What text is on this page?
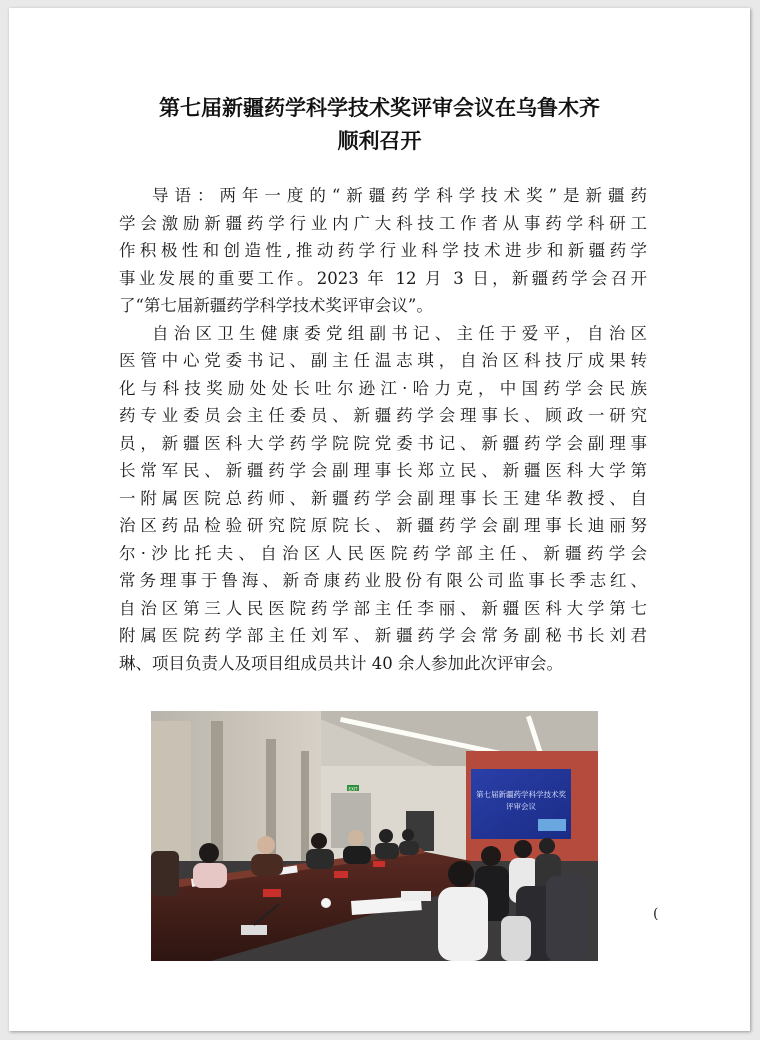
第七届新疆药学科学技术奖评审会议在乌鲁木齐
顺利召开
导语：两年一度的“新疆药学科学技术奖”是新疆药
学会激励新疆药学行业内广大科技工作者从事药学科研工
作积极性和创造性,推动药学行业科学技术进步和新疆药学
事业发展的重要工作。2023 年 12 月 3 日，新疆药学会召开
了“第七届新疆药学科学技术奖评审会议”。
自治区卫生健康委党组副书记、主任于爱平，自治区
医管中心党委书记、副主任温志琪，自治区科技厅成果转
化与科技奖励处处长吐尔逊江·哈力克，中国药学会民族
药专业委员会主任委员、新疆药学会理事长、顾政一研究
员，新疆医科大学药学院院党委书记、新疆药学会副理事
长常军民、新疆药学会副理事长郑立民、新疆医科大学第
一附属医院总药师、新疆药学会副理事长王建华教授、自
治区药品检验研究院原院长、新疆药学会副理事长迪丽努
尔·沙比托夫、自治区人民医院药学部主任、新疆药学会
常务理事于鲁海、新奇康药业股份有限公司监事长季志红、
自治区第三人民医院药学部主任李丽、新疆医科大学第七
附属医院药学部主任刘军、新疆药学会常务副秘书长刘君
琳、项目负责人及项目组成员共计 40 余人参加此次评审会。
EXIT
第七届新疆药学科学技术奖
评审会议
(
